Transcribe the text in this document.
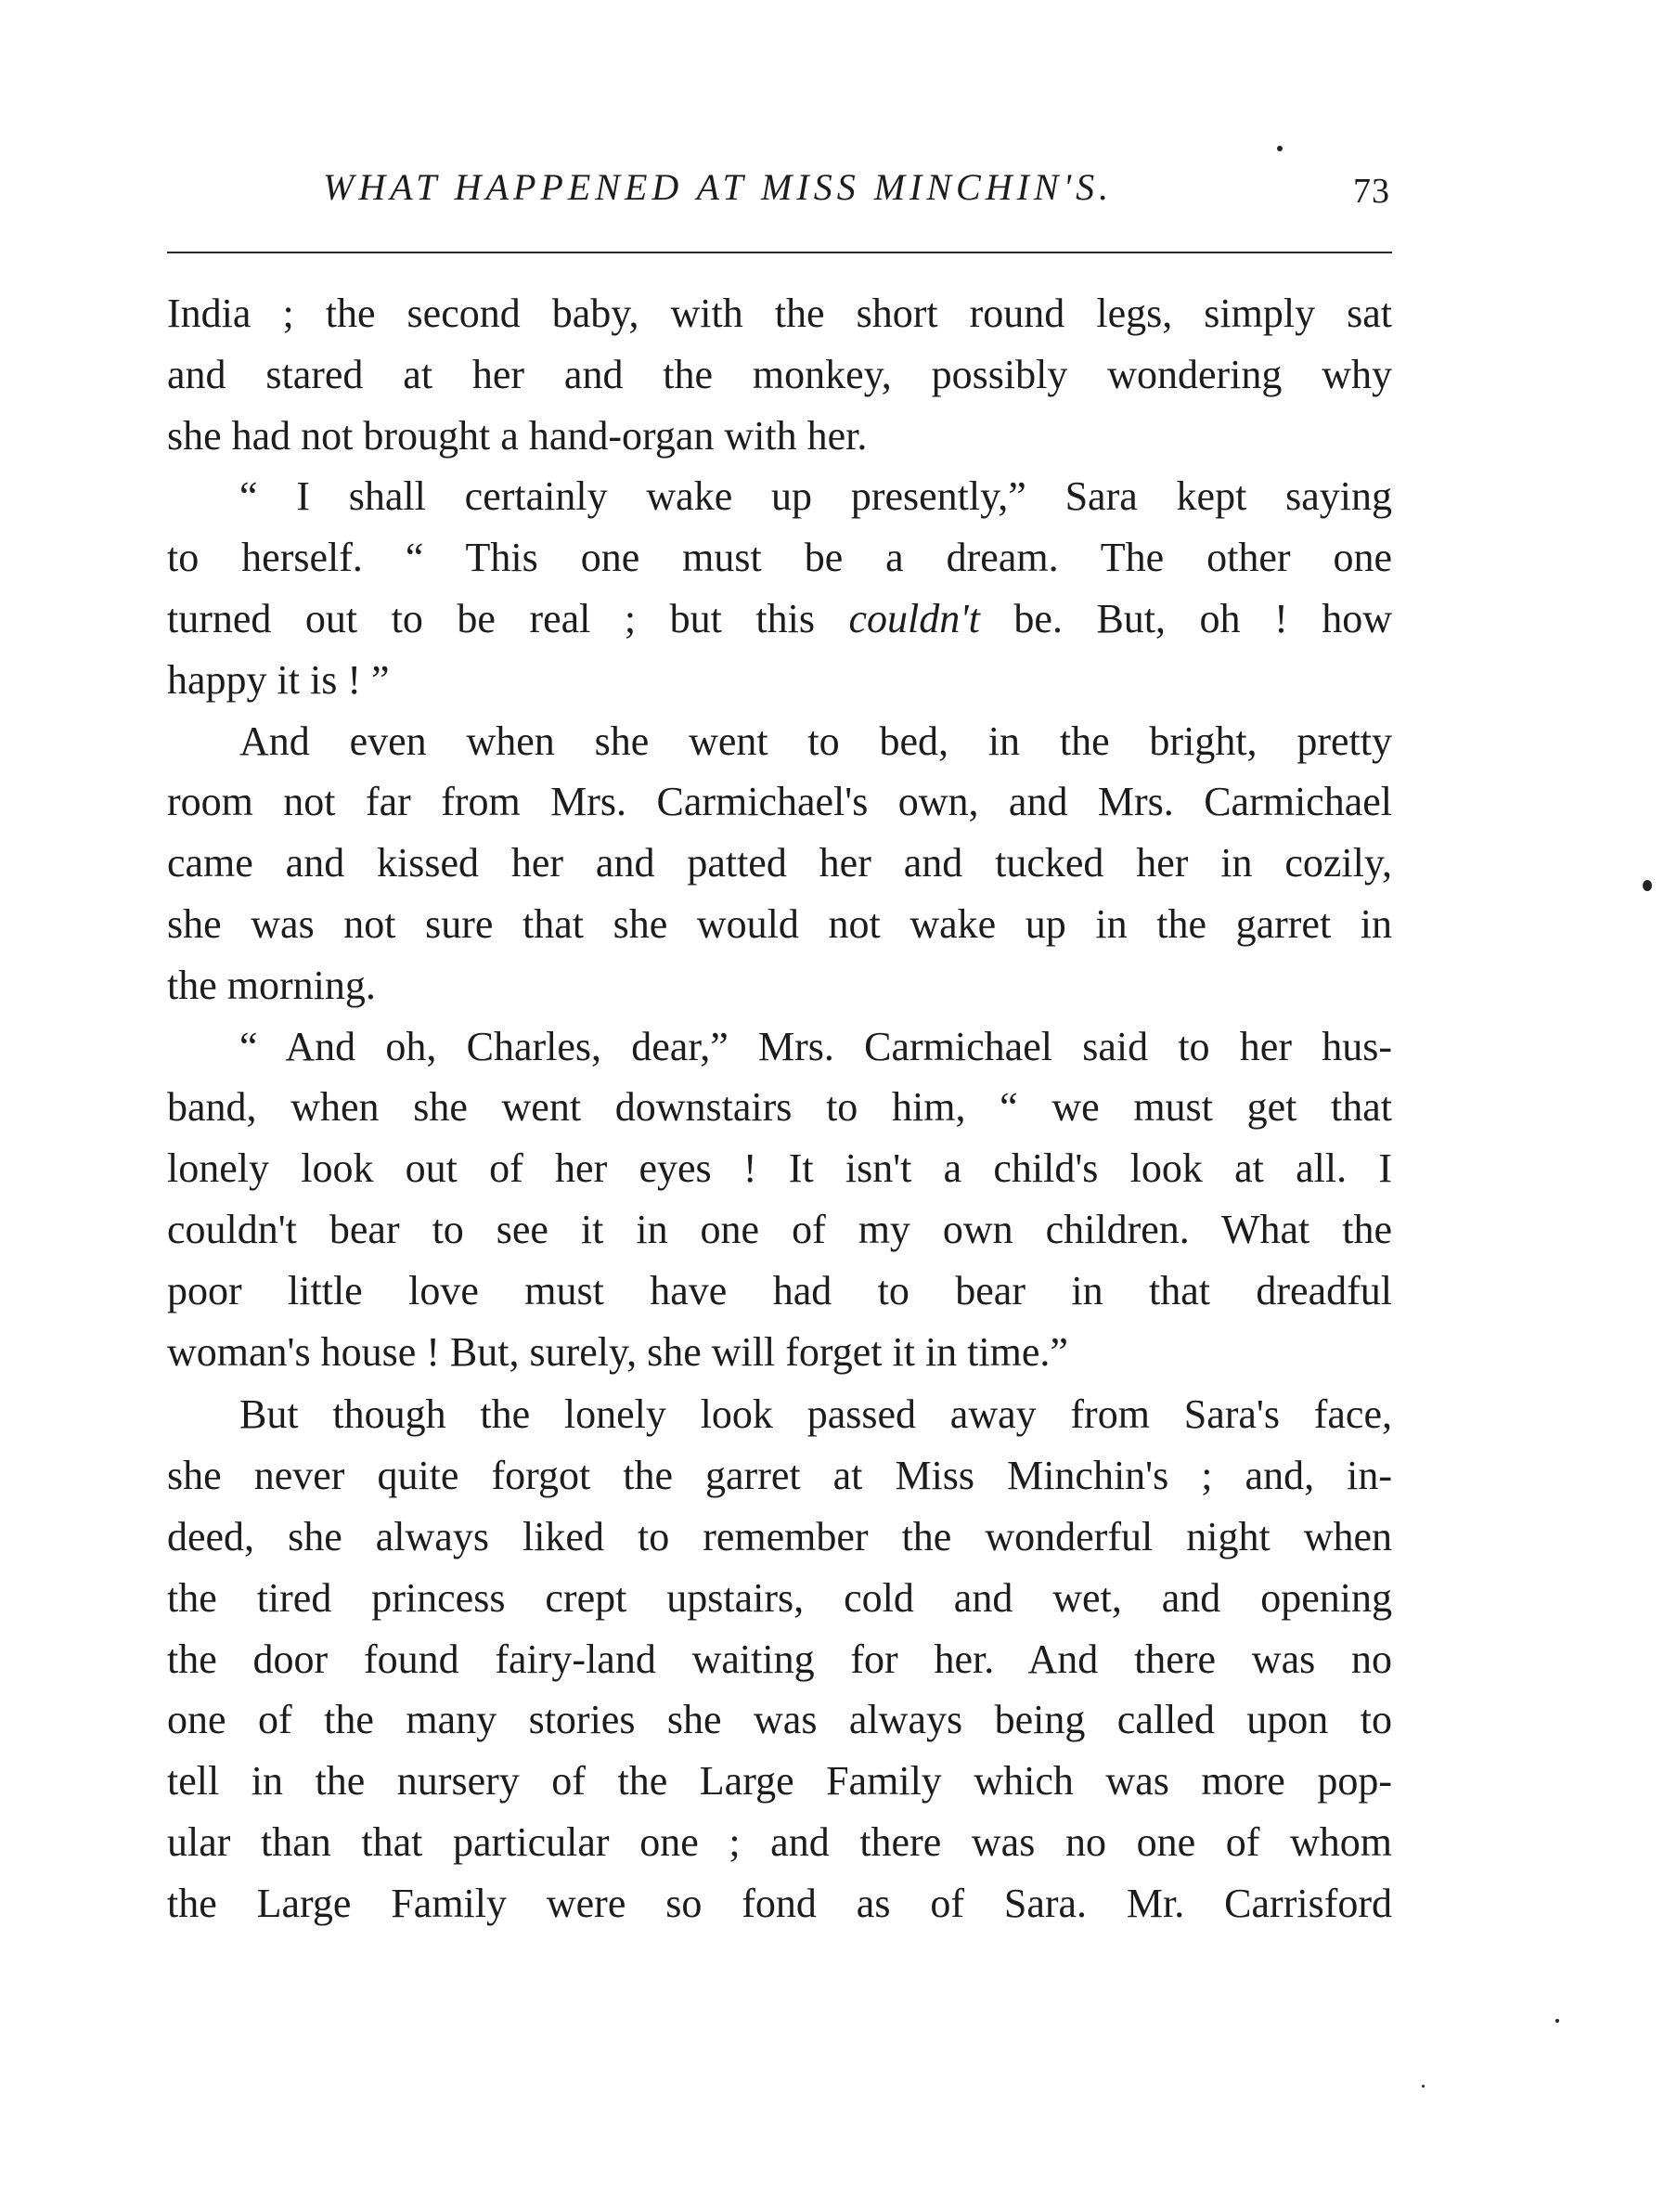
WHAT HAPPENED AT MISS MINCHIN'S.	73
India ; the second baby, with the short round legs, simply sat
and stared at her and the monkey, possibly wondering why
she had not brought a hand-organ with her.
“ I shall certainly wake up presently,” Sara kept saying
to herself. “ This one must be a dream. The other one
turned out to be real ; but this couldn't be. But, oh ! how
happy it is ! ”
And even when she went to bed, in the bright, pretty
room not far from Mrs. Carmichael's own, and Mrs. Carmichael
came and kissed her and patted her and tucked her in cozily,
she was not sure that she would not wake up in the garret in
the morning.
“ And oh, Charles, dear,” Mrs. Carmichael said to her hus-
band, when she went downstairs to him, “ we must get that
lonely look out of her eyes ! It isn't a child's look at all. I
couldn't bear to see it in one of my own children. What the
poor little love must have had to bear in that dreadful
woman's house ! But, surely, she will forget it in time.”
But though the lonely look passed away from Sara's face,
she never quite forgot the garret at Miss Minchin's ; and, in-
deed, she always liked to remember the wonderful night when
the tired princess crept upstairs, cold and wet, and opening
the door found fairy-land waiting for her. And there was no
one of the many stories she was always being called upon to
tell in the nursery of the Large Family which was more pop-
ular than that particular one ; and there was no one of whom
the Large Family were so fond as of Sara. Mr. Carrisford
